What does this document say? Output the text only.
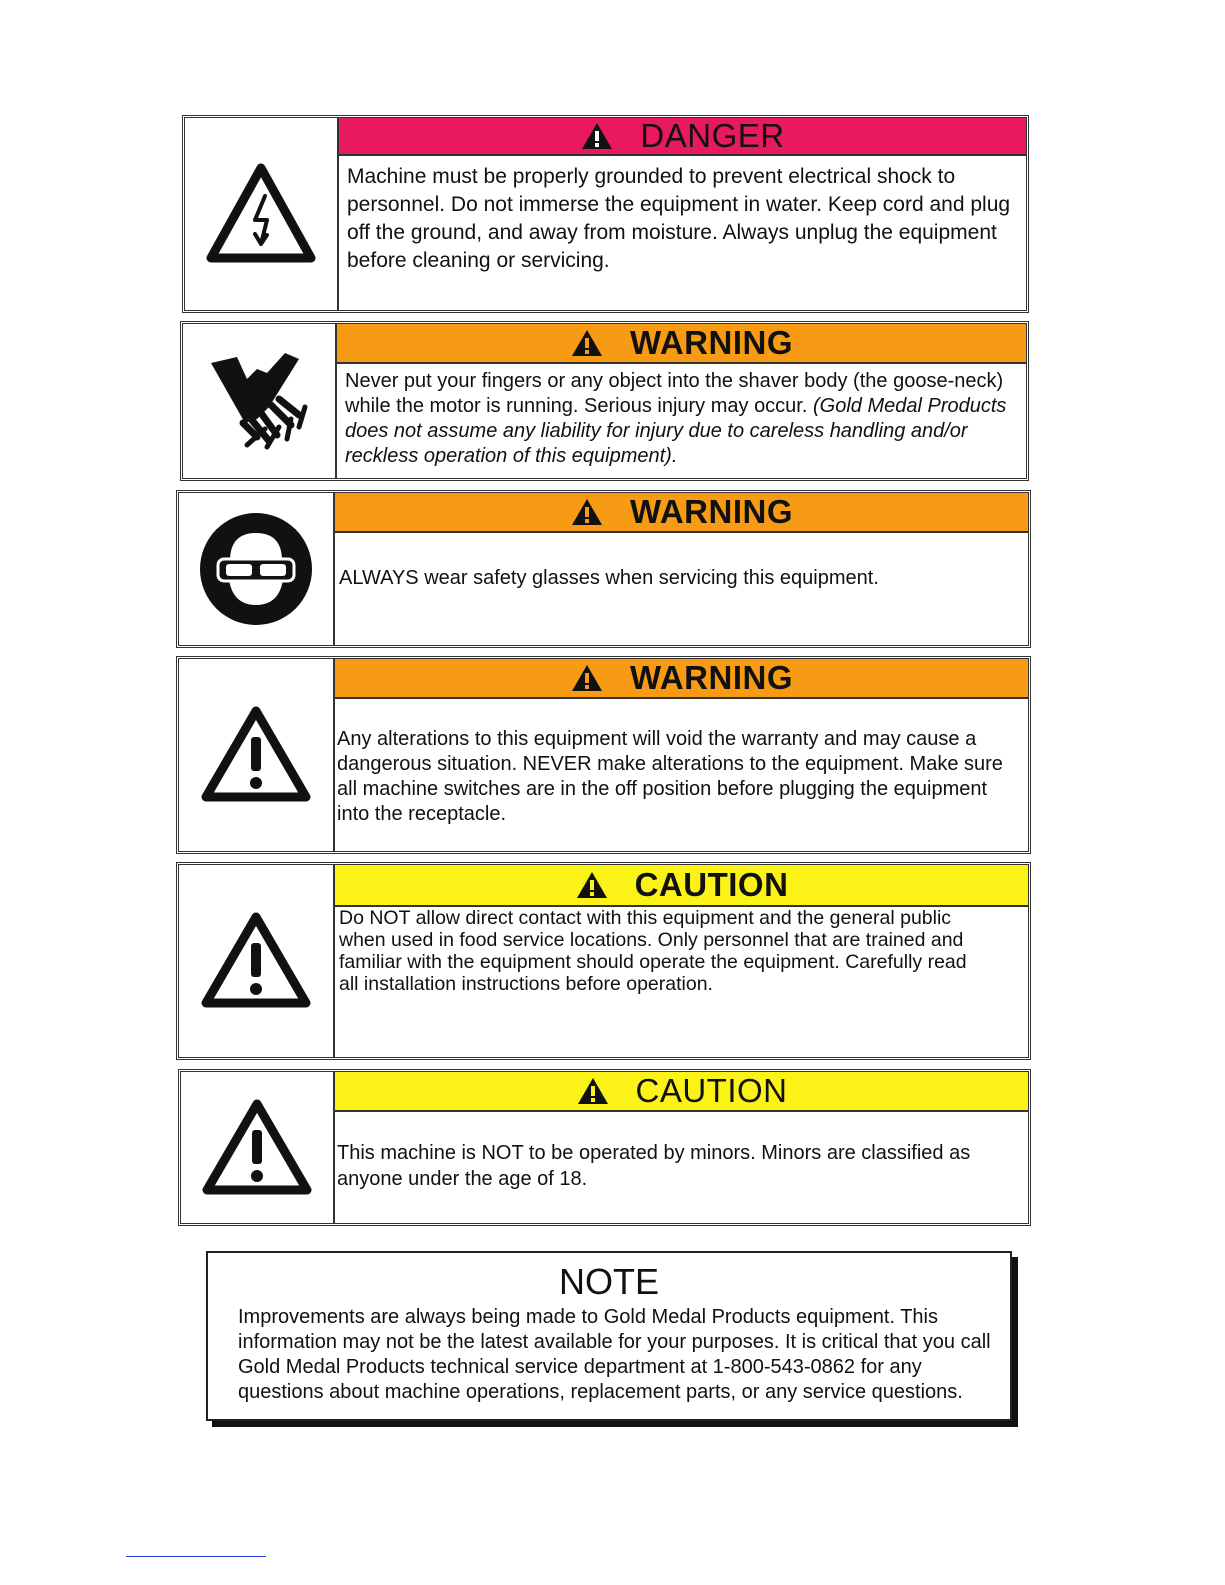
DANGER
Machine must be properly grounded to prevent electrical shock to personnel. Do not immerse the equipment in water. Keep cord and plug off the ground, and away from moisture. Always unplug the equipment before cleaning or servicing.
WARNING
Never put your fingers or any object into the shaver body (the goose-neck) while the motor is running. Serious injury may occur. (Gold Medal Products does not assume any liability for injury due to careless handling and/or reckless operation of this equipment).
WARNING
ALWAYS wear safety glasses when servicing this equipment.
WARNING
Any alterations to this equipment will void the warranty and may cause a dangerous situation. NEVER make alterations to the equipment. Make sure all machine switches are in the off position before plugging the equipment into the receptacle.
CAUTION
Do NOT allow direct contact with this equipment and the general public when used in food service locations. Only personnel that are trained and familiar with the equipment should operate the equipment. Carefully read all installation instructions before operation.
CAUTION
This machine is NOT to be operated by minors. Minors are classified as anyone under the age of 18.
NOTE
Improvements are always being made to Gold Medal Products equipment. This information may not be the latest available for your purposes. It is critical that you call Gold Medal Products technical service department at 1-800-543-0862 for any questions about machine operations, replacement parts, or any service questions.
